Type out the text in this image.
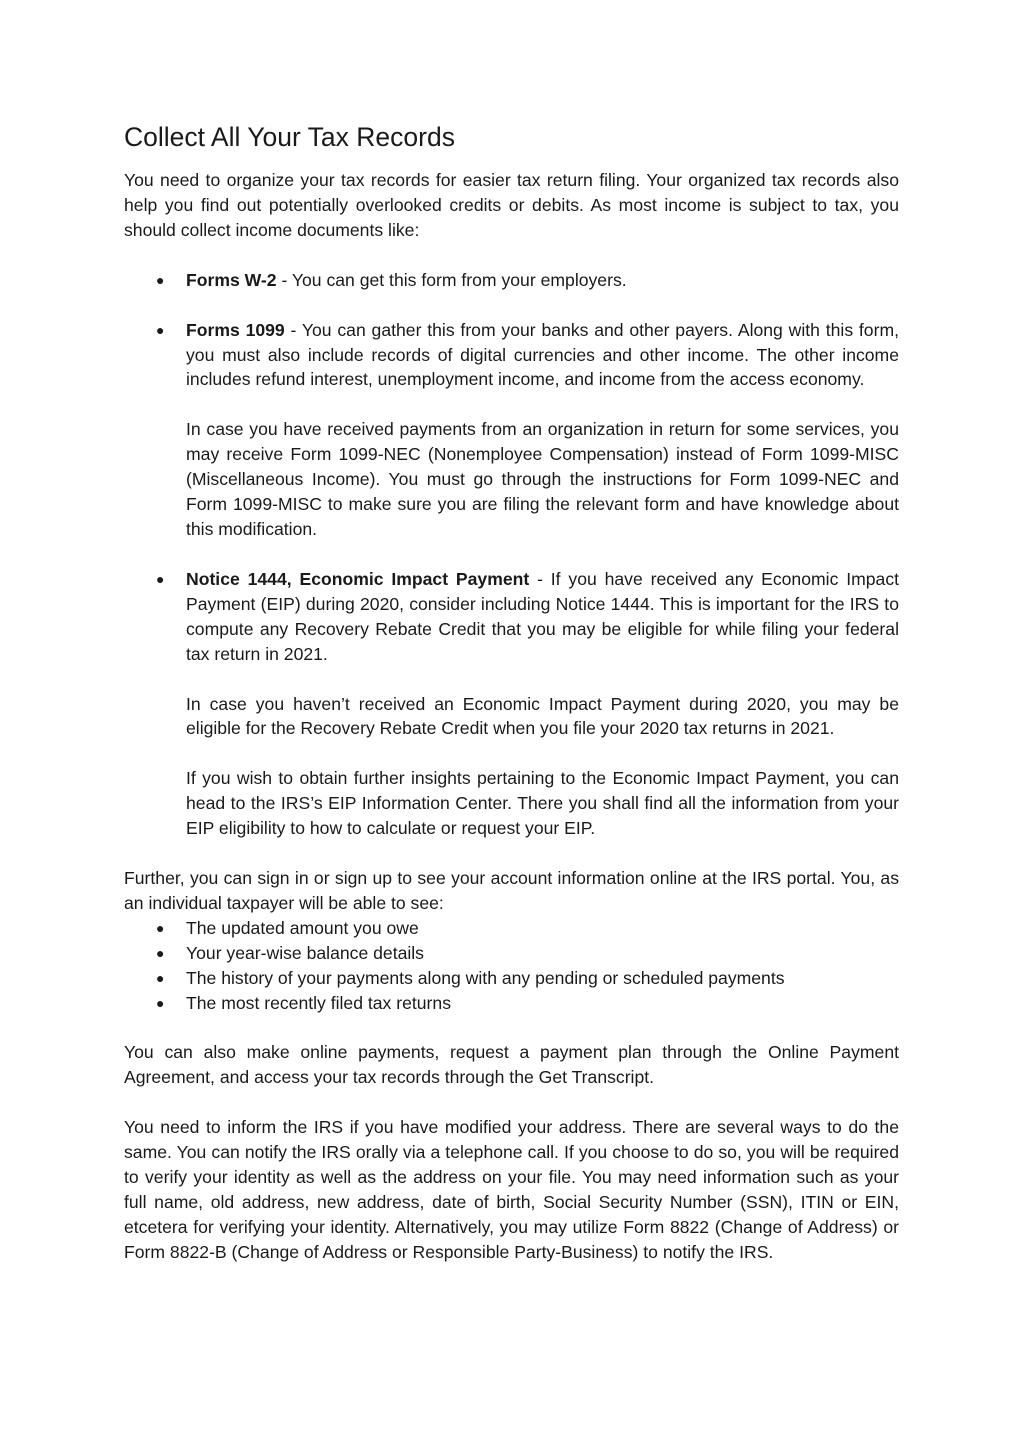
Collect All Your Tax Records

You need to organize your tax records for easier tax return filing. Your organized tax records also help you find out potentially overlooked credits or debits. As most income is subject to tax, you should collect income documents like:

● Forms W-2 - You can get this form from your employers.
● Forms 1099 - You can gather this from your banks and other payers. Along with this form, you must also include records of digital currencies and other income. The other income includes refund interest, unemployment income, and income from the access economy.
In case you have received payments from an organization in return for some services, you may receive Form 1099-NEC (Nonemployee Compensation) instead of Form 1099-MISC (Miscellaneous Income). You must go through the instructions for Form 1099-NEC and Form 1099-MISC to make sure you are filing the relevant form and have knowledge about this modification.
● Notice 1444, Economic Impact Payment - If you have received any Economic Impact Payment (EIP) during 2020, consider including Notice 1444. This is important for the IRS to compute any Recovery Rebate Credit that you may be eligible for while filing your federal tax return in 2021.
In case you haven’t received an Economic Impact Payment during 2020, you may be eligible for the Recovery Rebate Credit when you file your 2020 tax returns in 2021.
If you wish to obtain further insights pertaining to the Economic Impact Payment, you can head to the IRS’s EIP Information Center. There you shall find all the information from your EIP eligibility to how to calculate or request your EIP.

Further, you can sign in or sign up to see your account information online at the IRS portal. You, as an individual taxpayer will be able to see:

● The updated amount you owe
● Your year-wise balance details
● The history of your payments along with any pending or scheduled payments
● The most recently filed tax returns

You can also make online payments, request a payment plan through the Online Payment Agreement, and access your tax records through the Get Transcript.

You need to inform the IRS if you have modified your address. There are several ways to do the same. You can notify the IRS orally via a telephone call. If you choose to do so, you will be required to verify your identity as well as the address on your file. You may need information such as your full name, old address, new address, date of birth, Social Security Number (SSN), ITIN or EIN, etcetera for verifying your identity. Alternatively, you may utilize Form 8822 (Change of Address) or Form 8822-B (Change of Address or Responsible Party-Business) to notify the IRS.
